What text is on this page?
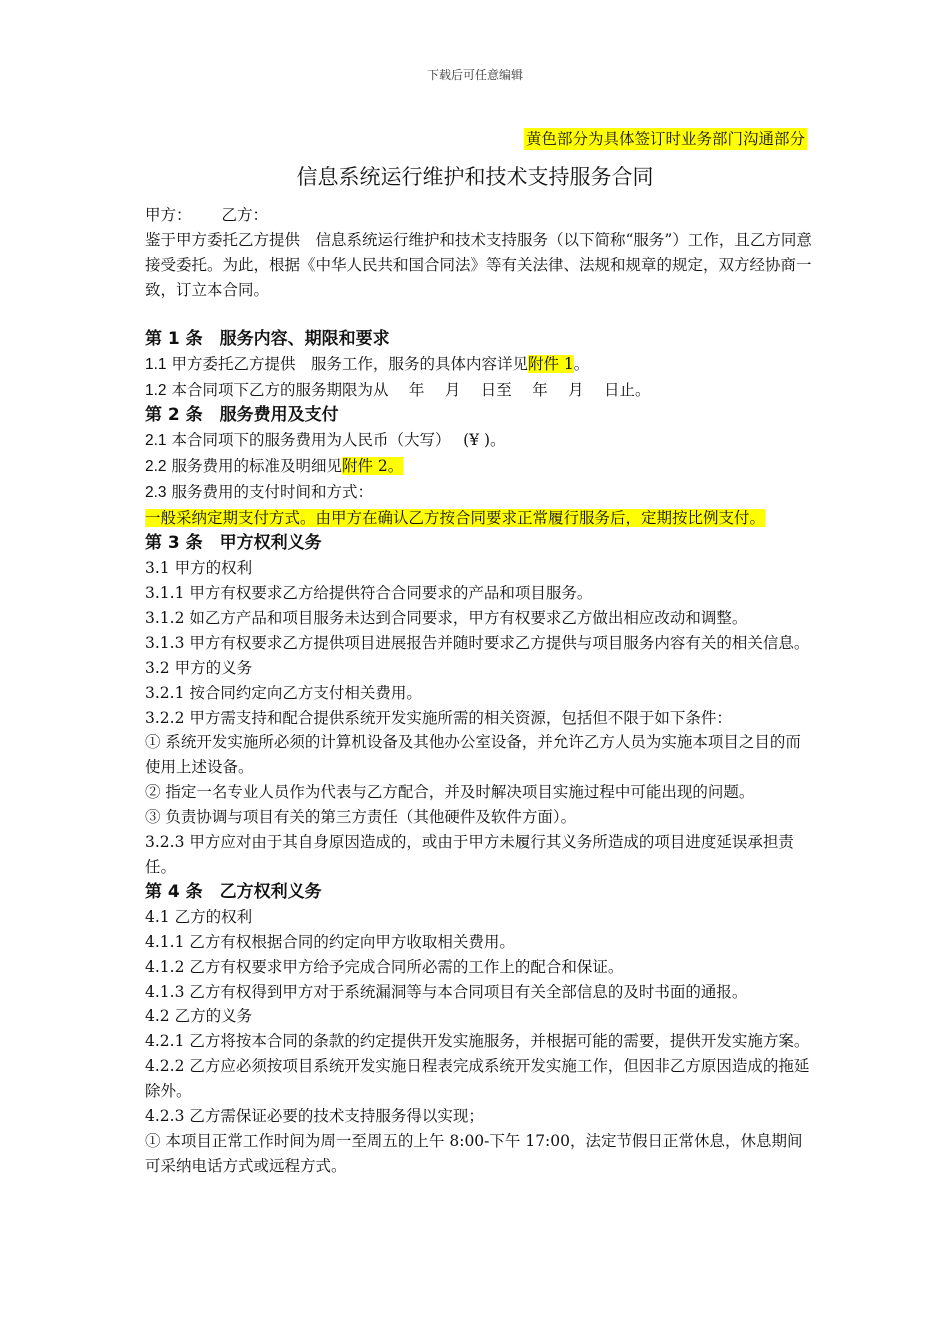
下载后可任意编辑
黄色部分为具体签订时业务部门沟通部分
信息系统运行维护和技术支持服务合同

甲方： 乙方：

鉴于甲方委托乙方提供　信息系统运行维护和技术支持服务（以下简称“服务”）工作，且乙方同意接受委托。为此，根据《中华人民共和国合同法》等有关法律、法规和规章的规定，双方经协商一致，订立本合同。

第 1 条　服务内容、期限和要求

1.1 甲方委托乙方提供　服务工作，服务的具体内容详见附件 1。

1.2 本合同项下乙方的服务期限为从　 年　 月　 日至　 年　 月　 日止。

第 2 条　服务费用及支付

2.1 本合同项下的服务费用为人民币（大写）　 (¥ )。

2.2 服务费用的标准及明细见附件 2。

2.3 服务费用的支付时间和方式：

一般采纳定期支付方式。由甲方在确认乙方按合同要求正常履行服务后，定期按比例支付。

第 3 条　甲方权利义务

3.1 甲方的权利

3.1.1 甲方有权要求乙方给提供符合合同要求的产品和项目服务。

3.1.2 如乙方产品和项目服务未达到合同要求，甲方有权要求乙方做出相应改动和调整。

3.1.3 甲方有权要求乙方提供项目进展报告并随时要求乙方提供与项目服务内容有关的相关信息。

3.2 甲方的义务

3.2.1 按合同约定向乙方支付相关费用。

3.2.2 甲方需支持和配合提供系统开发实施所需的相关资源，包括但不限于如下条件：

① 系统开发实施所必须的计算机设备及其他办公室设备，并允许乙方人员为实施本项目之目的而使用上述设备。

② 指定一名专业人员作为代表与乙方配合，并及时解决项目实施过程中可能出现的问题。

③ 负责协调与项目有关的第三方责任（其他硬件及软件方面）。

3.2.3 甲方应对由于其自身原因造成的，或由于甲方未履行其义务所造成的项目进度延误承担责任。

第 4 条　乙方权利义务

4.1 乙方的权利

4.1.1 乙方有权根据合同的约定向甲方收取相关费用。

4.1.2 乙方有权要求甲方给予完成合同所必需的工作上的配合和保证。

4.1.3 乙方有权得到甲方对于系统漏洞等与本合同项目有关全部信息的及时书面的通报。

4.2 乙方的义务

4.2.1 乙方将按本合同的条款的约定提供开发实施服务，并根据可能的需要，提供开发实施方案。

4.2.2 乙方应必须按项目系统开发实施日程表完成系统开发实施工作，但因非乙方原因造成的拖延除外。

4.2.3 乙方需保证必要的技术支持服务得以实现；

① 本项目正常工作时间为周一至周五的上午 8:00-下午 17:00，法定节假日正常休息，休息期间可采纳电话方式或远程方式。
